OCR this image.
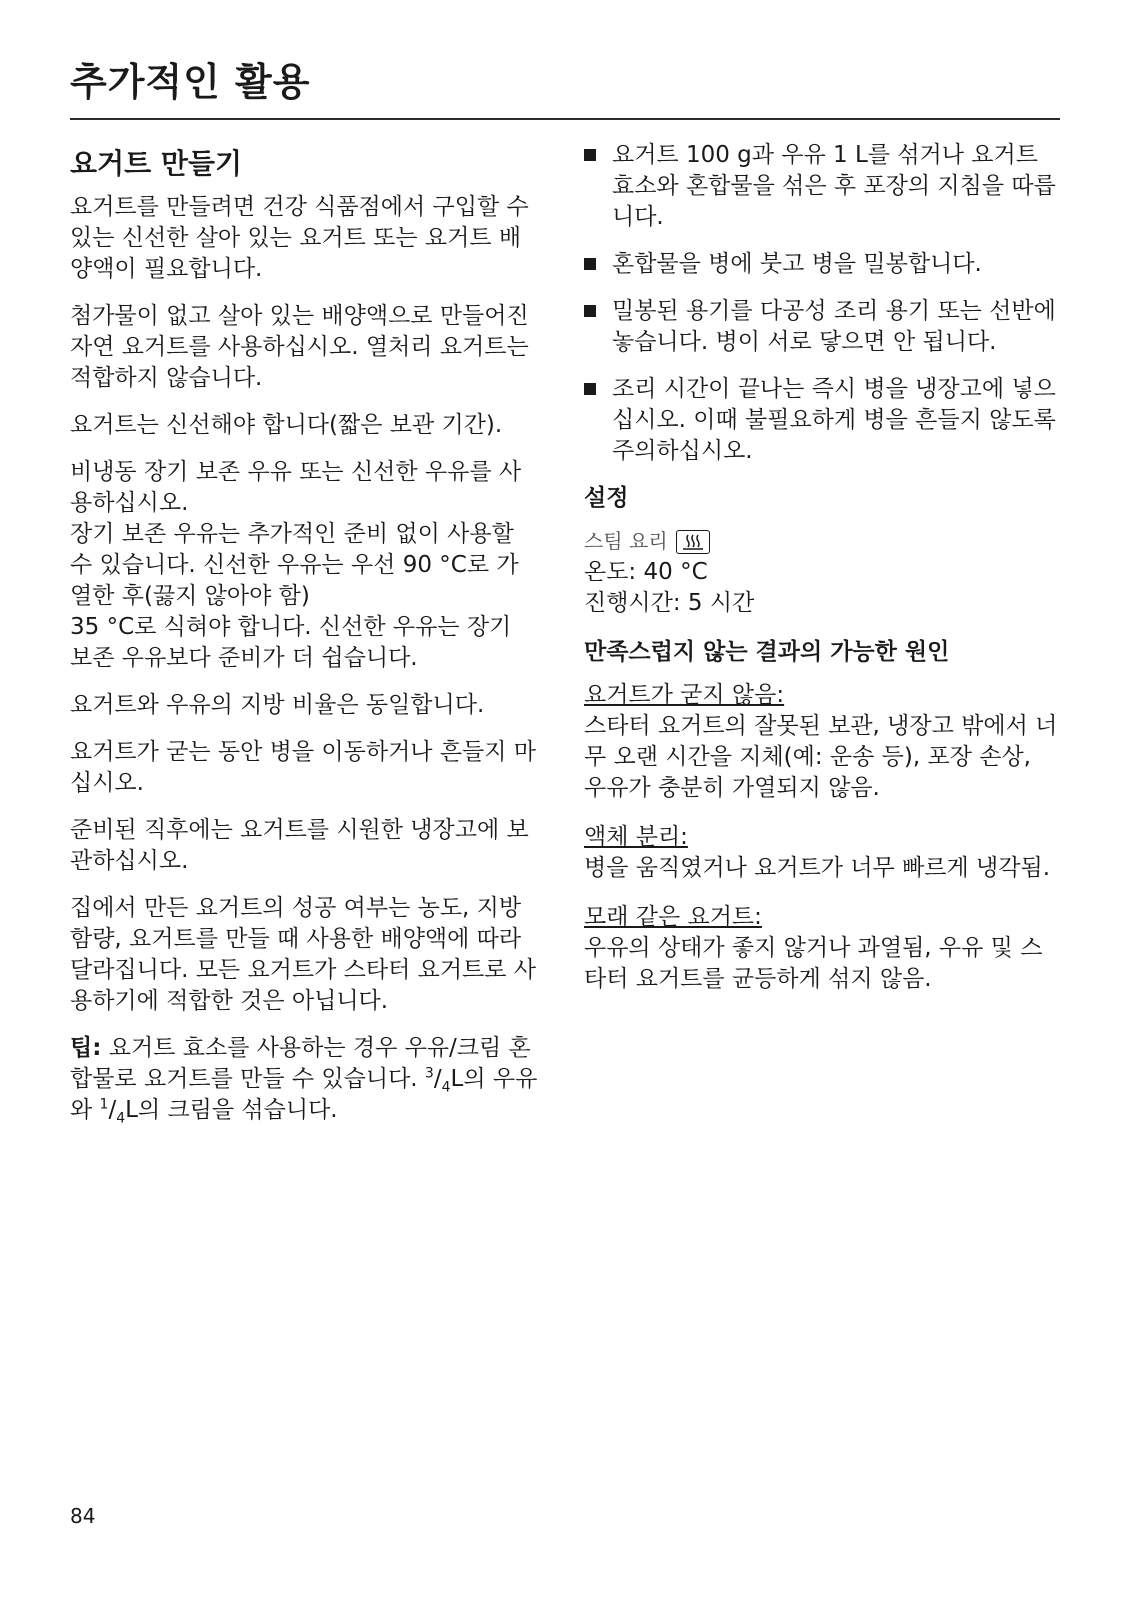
추가적인 활용
요거트 만들기

요거트를 만들려면 건강 식품점에서 구입할 수 있는 신선한 살아 있는 요거트 또는 요거트 배양액이 필요합니다.

첨가물이 없고 살아 있는 배양액으로 만들어진 자연 요거트를 사용하십시오. 열처리 요거트는 적합하지 않습니다.

요거트는 신선해야 합니다(짧은 보관 기간).

비냉동 장기 보존 우유 또는 신선한 우유를 사용하십시오.
장기 보존 우유는 추가적인 준비 없이 사용할 수 있습니다. 신선한 우유는 우선 90 °C로 가열한 후(끓지 않아야 함)
35 °C로 식혀야 합니다. 신선한 우유는 장기 보존 우유보다 준비가 더 쉽습니다.

요거트와 우유의 지방 비율은 동일합니다.

요거트가 굳는 동안 병을 이동하거나 흔들지 마십시오.

준비된 직후에는 요거트를 시원한 냉장고에 보관하십시오.

집에서 만든 요거트의 성공 여부는 농도, 지방 함량, 요거트를 만들 때 사용한 배양액에 따라 달라집니다. 모든 요거트가 스타터 요거트로 사용하기에 적합한 것은 아닙니다.

팁: 요거트 효소를 사용하는 경우 우유/크림 혼합물로 요거트를 만들 수 있습니다. $^3/_4L$의 우유와 $^1/_4L$의 크림을 섞습니다.

요거트 100 g과 우유 1 L를 섞거나 요거트 효소와 혼합물을 섞은 후 포장의 지침을 따릅니다.
혼합물을 병에 붓고 병을 밀봉합니다.
밀봉된 용기를 다공성 조리 용기 또는 선반에 놓습니다. 병이 서로 닿으면 안 됩니다.
조리 시간이 끝나는 즉시 병을 냉장고에 넣으십시오. 이때 불필요하게 병을 흔들지 않도록 주의하십시오.
설정
스팀 요리
온도: 40 °C
진행시간: 5 시간
만족스럽지 않는 결과의 가능한 원인
요거트가 굳지 않음:
스타터 요거트의 잘못된 보관, 냉장고 밖에서 너무 오랜 시간을 지체(예: 운송 등), 포장 손상, 우유가 충분히 가열되지 않음.
액체 분리:
병을 움직였거나 요거트가 너무 빠르게 냉각됨.
모래 같은 요거트:
우유의 상태가 좋지 않거나 과열됨, 우유 및 스타터 요거트를 균등하게 섞지 않음.
84
